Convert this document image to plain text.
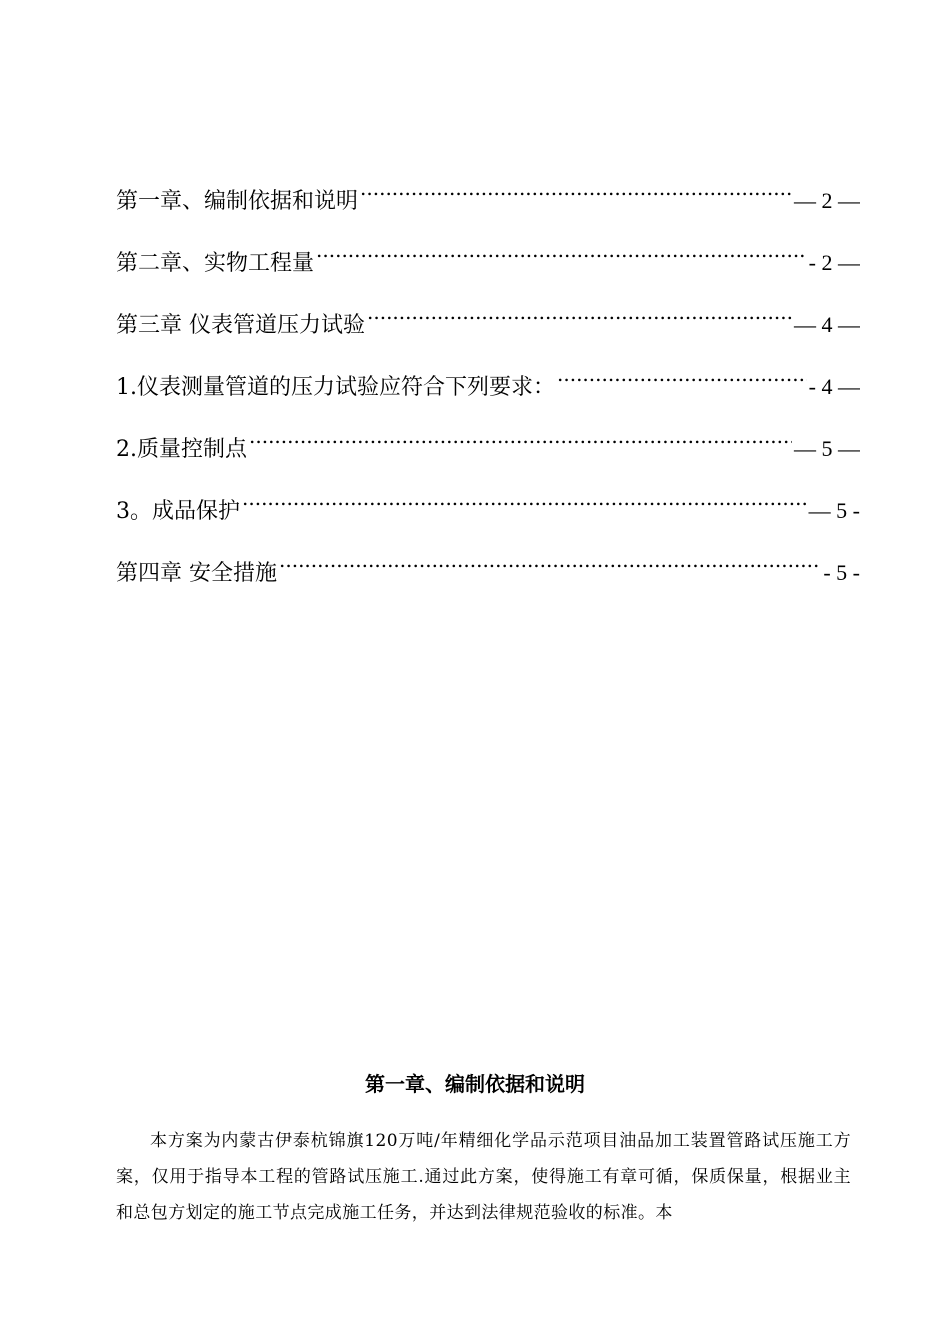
第一章、编制依据和说明 .....	— 2 —
第二章、实物工程量 .....	- 2 —
第三章 仪表管道压力试验 .....	— 4 —
1.仪表测量管道的压力试验应符合下列要求： .....	- 4 —
2.质量控制点 .....	— 5 —
3。成品保护 .....	— 5 -
第四章 安全措施 .....	- 5 -
第一章、编制依据和说明

本方案为内蒙古伊泰杭锦旗120万吨/年精细化学品示范项目油品加工装置管路试压施工方案，仅用于指导本工程的管路试压施工.通过此方案，使得施工有章可循，保质保量，根据业主和总包方划定的施工节点完成施工任务，并达到法律规范验收的标准。本
